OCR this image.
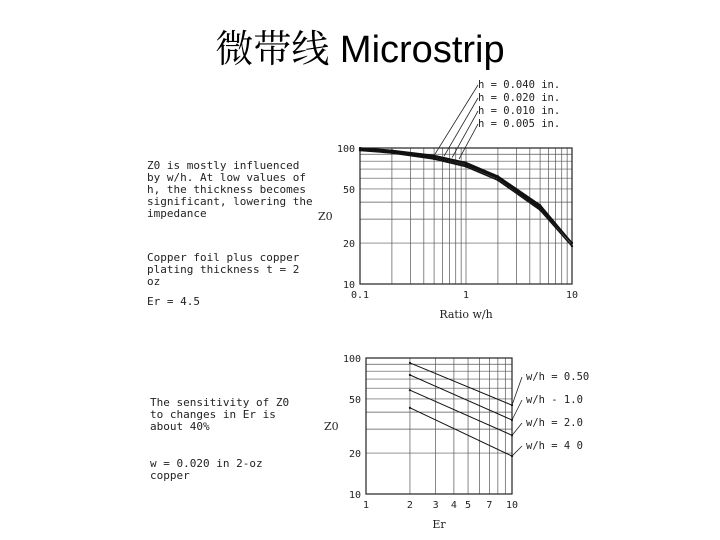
微带线 Microstrip
Z0 is mostly influenced by w/h. At low values of h, the thickness becomes significant, lowering the impedance
Copper foil plus copper plating thickness t = 2 oz
Er = 4.5
The sensitivity of Z0 to changes in Er is about 40%
w = 0.020 in 2-oz copper
100
50
20
10
0.1	1	10
Z0
Ratio w/h
h = 0.040 in.
h = 0.020 in.
h = 0.010 in.
h = 0.005 in.
100
50
20
10
1	2 3 4 5 7 10
Z0
Er
w/h = 0.50
w/h - 1.0
w/h = 2.0
w/h = 4 0
